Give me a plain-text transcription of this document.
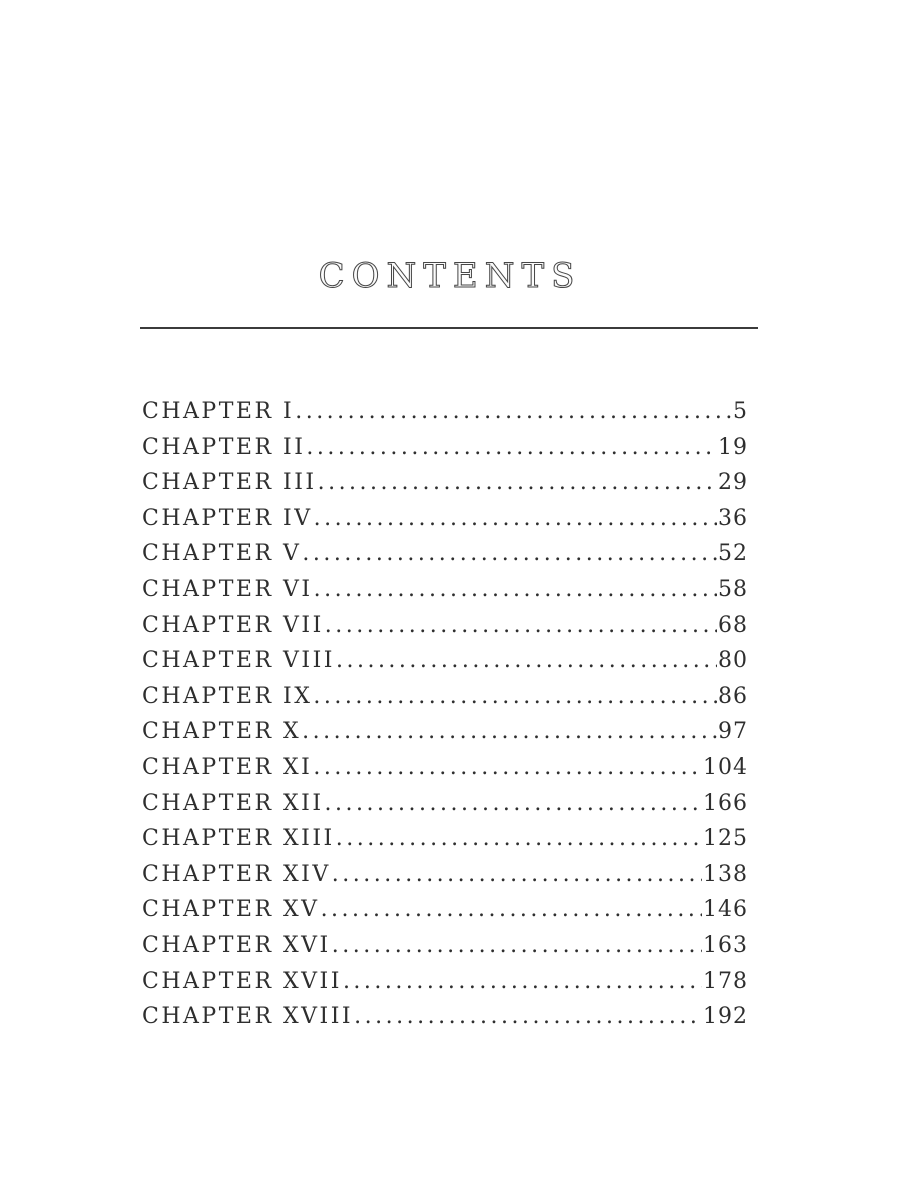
CONTENTS
CHAPTER I .....	5
CHAPTER II .....	19
CHAPTER III .....	29
CHAPTER IV .....	36
CHAPTER V .....	52
CHAPTER VI .....	58
CHAPTER VII .....	68
CHAPTER VIII .....	80
CHAPTER IX .....	86
CHAPTER X .....	97
CHAPTER XI .....	104
CHAPTER XII .....	166
CHAPTER XIII .....	125
CHAPTER XIV .....	138
CHAPTER XV .....	146
CHAPTER XVI .....	163
CHAPTER XVII .....	178
CHAPTER XVIII .....	192
